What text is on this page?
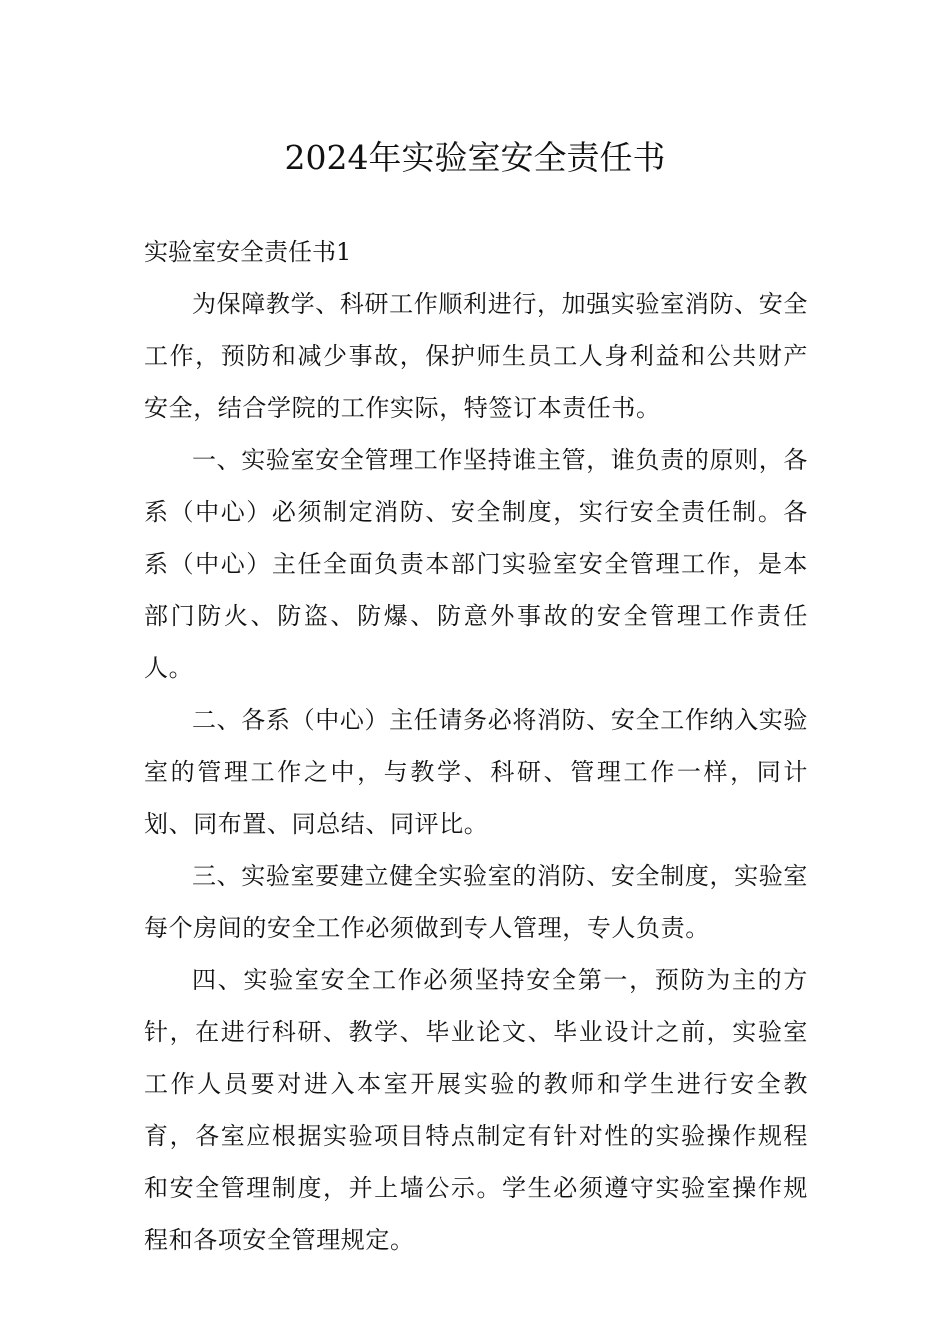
2024年实验室安全责任书

实验室安全责任书1

为保障教学、科研工作顺利进行，加强实验室消防、安全工作，预防和减少事故，保护师生员工人身利益和公共财产安全，结合学院的工作实际，特签订本责任书。

一、实验室安全管理工作坚持谁主管，谁负责的原则，各系（中心）必须制定消防、安全制度，实行安全责任制。各系（中心）主任全面负责本部门实验室安全管理工作，是本部门防火、防盗、防爆、防意外事故的安全管理工作责任人。

二、各系（中心）主任请务必将消防、安全工作纳入实验室的管理工作之中，与教学、科研、管理工作一样，同计划、同布置、同总结、同评比。

三、实验室要建立健全实验室的消防、安全制度，实验室每个房间的安全工作必须做到专人管理，专人负责。

四、实验室安全工作必须坚持安全第一，预防为主的方针，在进行科研、教学、毕业论文、毕业设计之前，实验室工作人员要对进入本室开展实验的教师和学生进行安全教育，各室应根据实验项目特点制定有针对性的实验操作规程和安全管理制度，并上墙公示。学生必须遵守实验室操作规程和各项安全管理规定。
